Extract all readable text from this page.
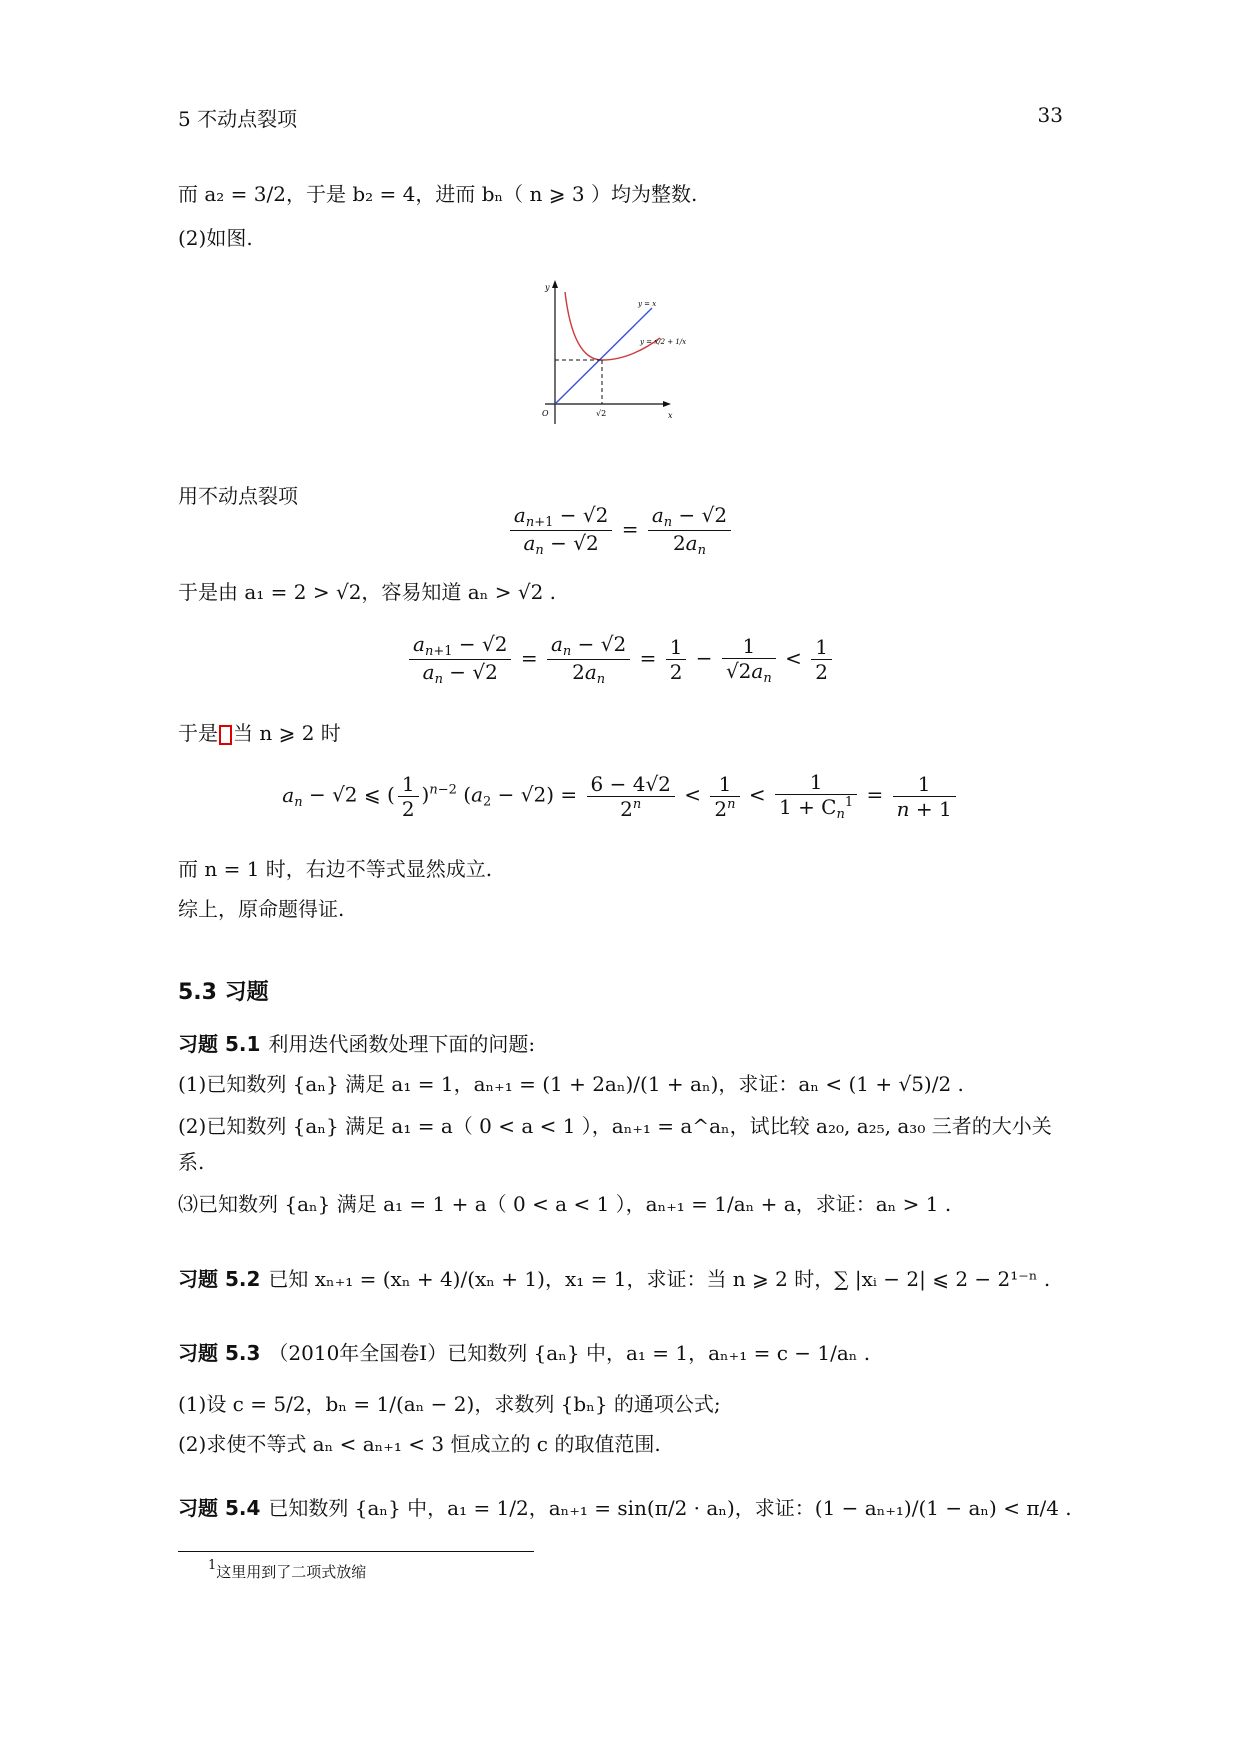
5 不动点裂项	33
而 a₂ = 3/2，于是 b₂ = 4，进而 bₙ（ n ⩾ 3 ）均为整数.
(2)如图.
y
x
O	√2
y = x
y = x/2 + 1/x
用不动点裂项
$\frac{a_{n+1} - √2}{a_n - √2} = \frac{a_n - √2}{2a_n}$
于是由 a₁ = 2 > √2，容易知道 aₙ > √2 .
$\frac{a_{n+1} - √2}{a_n - √2} = \frac{a_n - √2}{2a_n} = \frac{1}{2} - \frac{1}{√2a_n} < \frac{1}{2}$
于是 当 n ⩾ 2 时
$a_n - √2$ ⩽ ( $\frac{1}{2} )^{n-2}$ $(a_2 - √2) = \frac{6 - 4√2}{2^n} < \frac{1}{2^n} < \frac{1}{1 + C_n^1} = \frac{1}{n + 1}$
而 n = 1 时，右边不等式显然成立.
综上，原命题得证.
5.3 习题
习题 5.1 利用迭代函数处理下面的问题:
(1)已知数列 {aₙ} 满足 a₁ = 1，aₙ₊₁ = (1 + 2aₙ)/(1 + aₙ)，求证：aₙ < (1 + √5)/2 .
(2)已知数列 {aₙ} 满足 a₁ = a（ 0 < a < 1 ），aₙ₊₁ = a^aₙ，试比较 a₂₀, a₂₅, a₃₀ 三者的大小关
系.
⑶已知数列 {aₙ} 满足 a₁ = 1 + a（ 0 < a < 1 ），aₙ₊₁ = 1/aₙ + a，求证：aₙ > 1 .
习题 5.2 已知 xₙ₊₁ = (xₙ + 4)/(xₙ + 1)，x₁ = 1，求证：当 n ⩾ 2 时，∑ |xᵢ − 2| ⩽ 2 − 2¹⁻ⁿ .
习题 5.3 （2010年全国卷I）已知数列 {aₙ} 中，a₁ = 1，aₙ₊₁ = c − 1/aₙ .
(1)设 c = 5/2，bₙ = 1/(aₙ − 2)，求数列 {bₙ} 的通项公式;
(2)求使不等式 aₙ < aₙ₊₁ < 3 恒成立的 c 的取值范围.
习题 5.4 已知数列 {aₙ} 中，a₁ = 1/2，aₙ₊₁ = sin(π/2 · aₙ)，求证：(1 − aₙ₊₁)/(1 − aₙ) < π/4 .
1这里用到了二项式放缩
